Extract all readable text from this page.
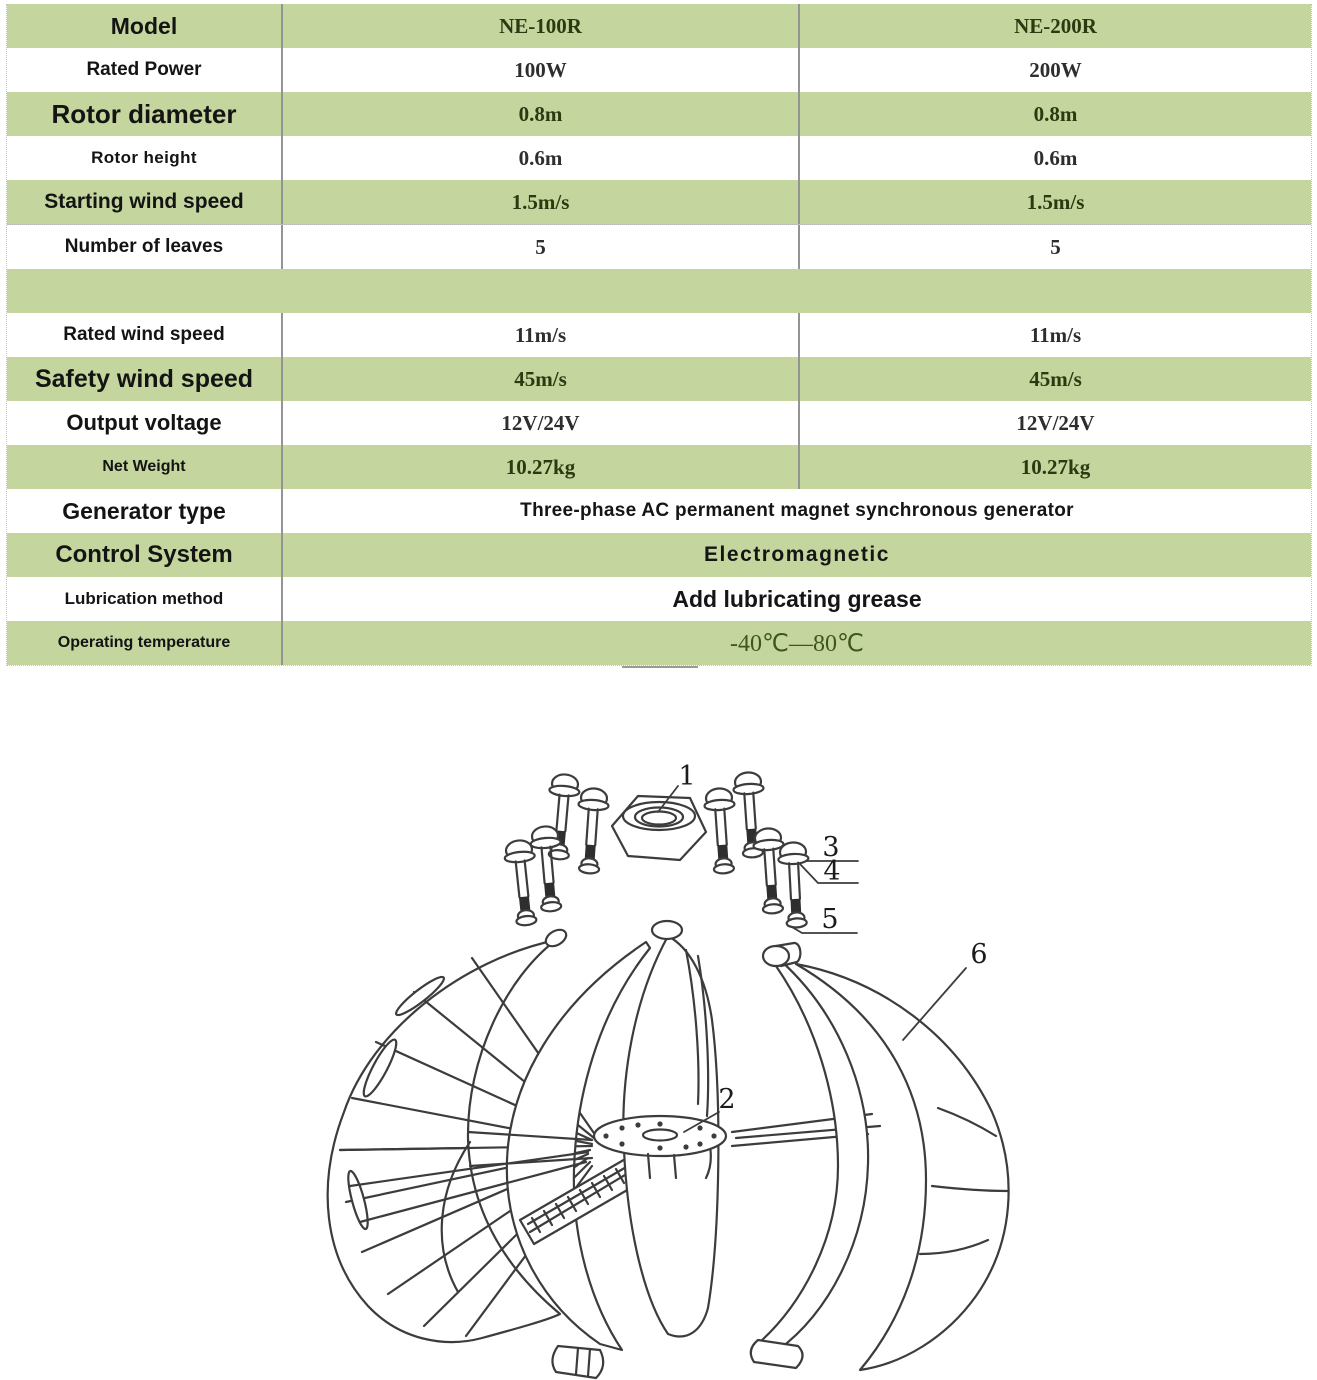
Model	NE-100R	NE-200R
Rated Power	100W	200W
Rotor diameter	0.8m	0.8m
Rotor height	0.6m	0.6m
Starting wind speed	1.5m/s	1.5m/s
Number of leaves	5	5
Rated wind speed	11m/s	11m/s
Safety wind speed	45m/s	45m/s
Output voltage	12V/24V	12V/24V
Net Weight	10.27kg	10.27kg
Generator type	Three-phase AC permanent magnet synchronous generator
Control System	Electromagnetic
Lubrication method	Add lubricating grease
Operating temperature	-40℃—80℃
1
2
3
4
5
6
